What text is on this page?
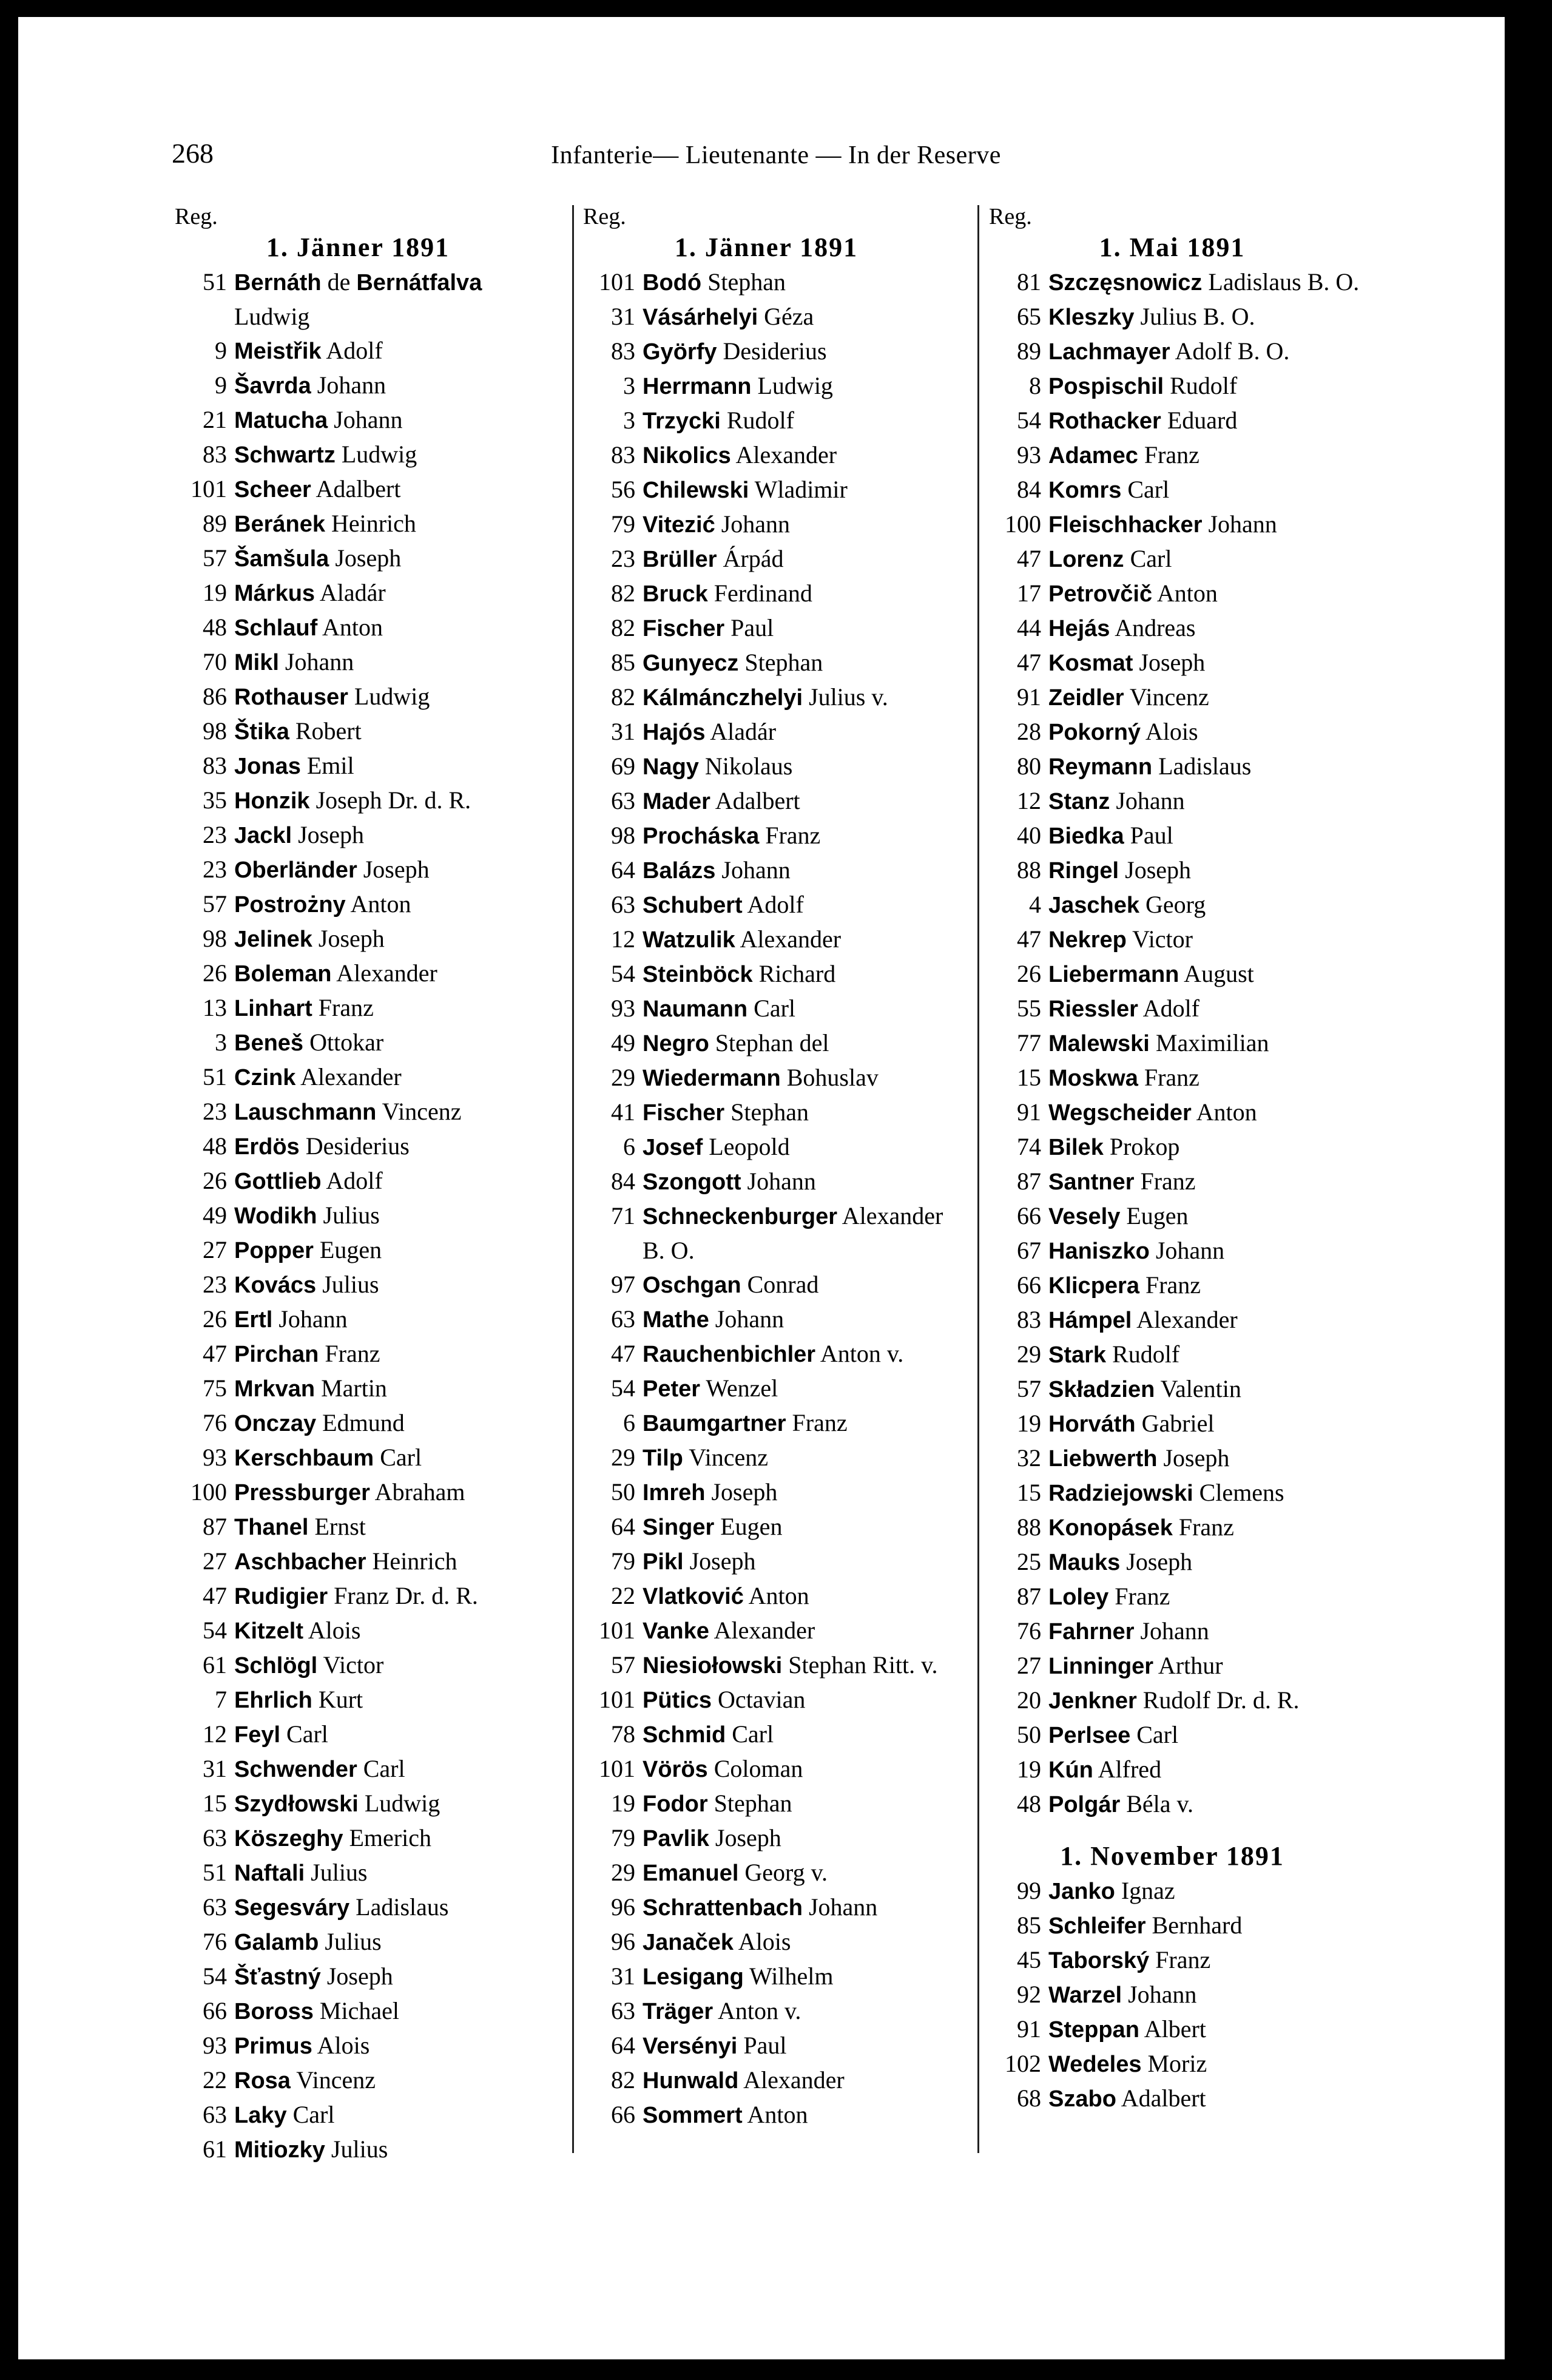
268	Infanterie— Lieutenante — In der Reserve
Reg.
1. Jänner 1891
51 Bernáth de Bernátfalva Ludwig
9 Meistřik Adolf
9 Šavrda Johann
21 Matucha Johann
83 Schwartz Ludwig
101 Scheer Adalbert
89 Beránek Heinrich
57 Šamšula Joseph
19 Márkus Aladár
48 Schlauf Anton
70 Mikl Johann
86 Rothauser Ludwig
98 Štika Robert
83 Jonas Emil
35 Honzik Joseph Dr. d. R.
23 Jackl Joseph
23 Oberländer Joseph
57 Postrożny Anton
98 Jelinek Joseph
26 Boleman Alexander
13 Linhart Franz
3 Beneš Ottokar
51 Czink Alexander
23 Lauschmann Vincenz
48 Erdös Desiderius
26 Gottlieb Adolf
49 Wodikh Julius
27 Popper Eugen
23 Kovács Julius
26 Ertl Johann
47 Pirchan Franz
75 Mrkvan Martin
76 Onczay Edmund
93 Kerschbaum Carl
100 Pressburger Abraham
87 Thanel Ernst
27 Aschbacher Heinrich
47 Rudigier Franz Dr. d. R.
54 Kitzelt Alois
61 Schlögl Victor
7 Ehrlich Kurt
12 Feyl Carl
31 Schwender Carl
15 Szydłowski Ludwig
63 Köszeghy Emerich
51 Naftali Julius
63 Segesváry Ladislaus
76 Galamb Julius
54 Šťastný Joseph
66 Boross Michael
93 Primus Alois
22 Rosa Vincenz
63 Laky Carl
61 Mitiozky Julius
Reg.
1. Jänner 1891
101 Bodó Stephan
31 Vásárhelyi Géza
83 Györfy Desiderius
3 Herrmann Ludwig
3 Trzycki Rudolf
83 Nikolics Alexander
56 Chilewski Wladimir
79 Vitezić Johann
23 Brüller Árpád
82 Bruck Ferdinand
82 Fischer Paul
85 Gunyecz Stephan
82 Kálmánczhelyi Julius v.
31 Hajós Aladár
69 Nagy Nikolaus
63 Mader Adalbert
98 Procháska Franz
64 Balázs Johann
63 Schubert Adolf
12 Watzulik Alexander
54 Steinböck Richard
93 Naumann Carl
49 Negro Stephan del
29 Wiedermann Bohuslav
41 Fischer Stephan
6 Josef Leopold
84 Szongott Johann
71 Schneckenburger Alexander B. O.
97 Oschgan Conrad
63 Mathe Johann
47 Rauchenbichler Anton v.
54 Peter Wenzel
6 Baumgartner Franz
29 Tilp Vincenz
50 Imreh Joseph
64 Singer Eugen
79 Pikl Joseph
22 Vlatković Anton
101 Vanke Alexander
57 Niesiołowski Stephan Ritt. v.
101 Pütics Octavian
78 Schmid Carl
101 Vörös Coloman
19 Fodor Stephan
79 Pavlik Joseph
29 Emanuel Georg v.
96 Schrattenbach Johann
96 Janaček Alois
31 Lesigang Wilhelm
63 Träger Anton v.
64 Versényi Paul
82 Hunwald Alexander
66 Sommert Anton
Reg.
1. Mai 1891
81 Szczęsnowicz Ladislaus B. O.
65 Kleszky Julius B. O.
89 Lachmayer Adolf B. O.
8 Pospischil Rudolf
54 Rothacker Eduard
93 Adamec Franz
84 Komrs Carl
100 Fleischhacker Johann
47 Lorenz Carl
17 Petrovčič Anton
44 Hejás Andreas
47 Kosmat Joseph
91 Zeidler Vincenz
28 Pokorný Alois
80 Reymann Ladislaus
12 Stanz Johann
40 Biedka Paul
88 Ringel Joseph
4 Jaschek Georg
47 Nekrep Victor
26 Liebermann August
55 Riessler Adolf
77 Malewski Maximilian
15 Moskwa Franz
91 Wegscheider Anton
74 Bilek Prokop
87 Santner Franz
66 Vesely Eugen
67 Haniszko Johann
66 Klicpera Franz
83 Hámpel Alexander
29 Stark Rudolf
57 Składzien Valentin
19 Horváth Gabriel
32 Liebwerth Joseph
15 Radziejowski Clemens
88 Konopásek Franz
25 Mauks Joseph
87 Loley Franz
76 Fahrner Johann
27 Linninger Arthur
20 Jenkner Rudolf Dr. d. R.
50 Perlsee Carl
19 Kún Alfred
48 Polgár Béla v.
1. November 1891
99 Janko Ignaz
85 Schleifer Bernhard
45 Taborský Franz
92 Warzel Johann
91 Steppan Albert
102 Wedeles Moriz
68 Szabo Adalbert
